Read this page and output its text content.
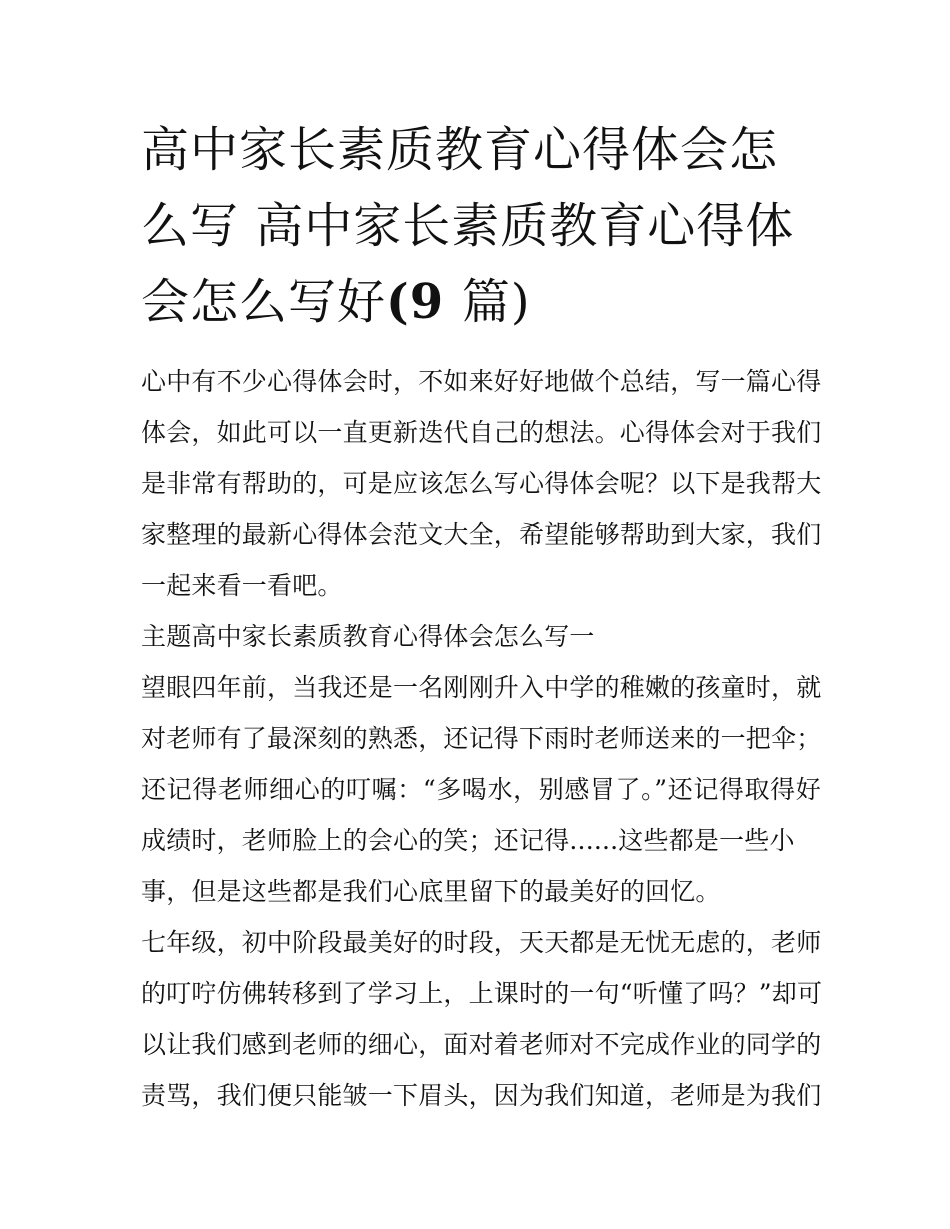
高中家长素质教育心得体会怎么写 高中家长素质教育心得体会怎么写好(9 篇)
心中有不少心得体会时，不如来好好地做个总结，写一篇心得
体会，如此可以一直更新迭代自己的想法。心得体会对于我们
是非常有帮助的，可是应该怎么写心得体会呢？以下是我帮大
家整理的最新心得体会范文大全，希望能够帮助到大家，我们
一起来看一看吧。
主题高中家长素质教育心得体会怎么写一
望眼四年前，当我还是一名刚刚升入中学的稚嫩的孩童时，就
对老师有了最深刻的熟悉，还记得下雨时老师送来的一把伞；
还记得老师细心的叮嘱：“多喝水，别感冒了。”还记得取得好
成绩时，老师脸上的会心的笑；还记得......这些都是一些小
事，但是这些都是我们心底里留下的最美好的回忆。
七年级，初中阶段最美好的时段，天天都是无忧无虑的，老师
的叮咛仿佛转移到了学习上，上课时的一句“听懂了吗？”却可
以让我们感到老师的细心，面对着老师对不完成作业的同学的
责骂，我们便只能皱一下眉头，因为我们知道，老师是为我们
